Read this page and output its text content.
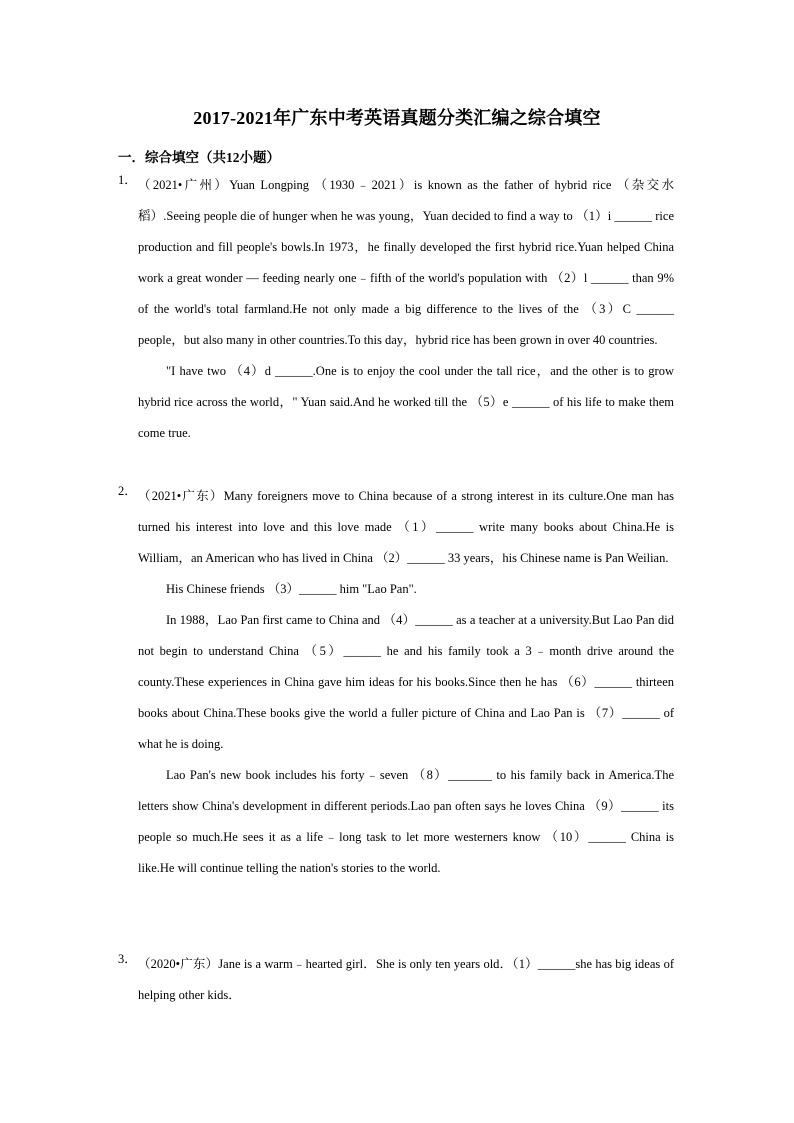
2017-2021年广东中考英语真题分类汇编之综合填空
一．综合填空（共12小题）
1． （2021•广州）Yuan Longping （1930﹣2021）is known as the father of hybrid rice （杂交水稻）.Seeing people die of hunger when he was young，Yuan decided to find a way to （1）i ______ rice production and fill people's bowls.In 1973，he finally developed the first hybrid rice.Yuan helped China work a great wonder — feeding nearly one﹣fifth of the world's population with （2）l ______ than 9% of the world's total farmland.He not only made a big difference to the lives of the （3）C ______ people，but also many in other countries.To this day，hybrid rice has been grown in over 40 countries.

"I have two （4）d ______.One is to enjoy the cool under the tall rice，and the other is to grow hybrid rice across the world，" Yuan said.And he worked till the （5）e ______ of his life to make them come true.

2． （2021•广东）Many foreigners move to China because of a strong interest in its culture.One man has turned his interest into love and this love made （1）______ write many books about China.He is William，an American who has lived in China （2）______ 33 years，his Chinese name is Pan Weilian.

His Chinese friends （3）______ him "Lao Pan".

In 1988，Lao Pan first came to China and （4）______ as a teacher at a university.But Lao Pan did not begin to understand China （5）______ he and his family took a 3﹣month drive around the county.These experiences in China gave him ideas for his books.Since then he has （6）______ thirteen books about China.These books give the world a fuller picture of China and Lao Pan is （7）______ of what he is doing.

Lao Pan's new book includes his forty﹣seven （8）_______ to his family back in America.The letters show China's development in different periods.Lao pan often says he loves China （9）______ its people so much.He sees it as a life﹣long task to let more westerners know （10）______ China is like.He will continue telling the nation's stories to the world.

3． （2020•广东）Jane is a warm﹣hearted girl．She is only ten years old．（1）______she has big ideas of helping other kids．
